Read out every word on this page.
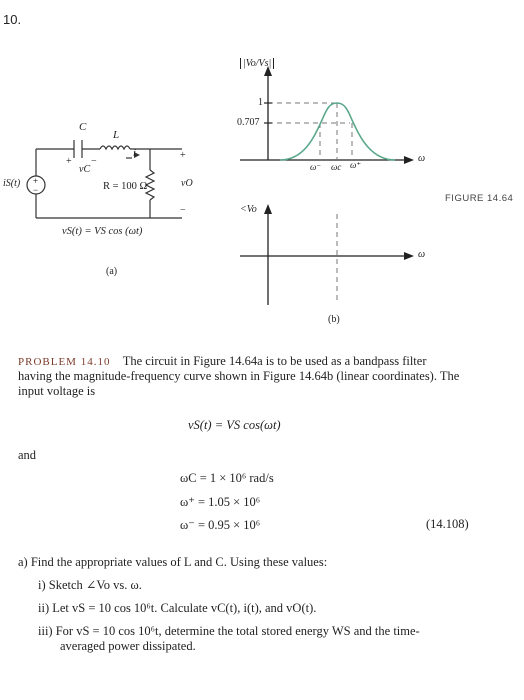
10.
+
−
C
L
i
+ −
vC
iS(t)	R = 100 Ω
+
vO
−
vS(t) = VS cos (ωt)
(a)
|Vo/Vs|
1
0.707
ω⁻ ωc ω⁺
ω
<Vo
ω
(b)
FIGURE 14.64
PROBLEM 14.10 The circuit in Figure 14.64a is to be used as a bandpass filter
having the magnitude-frequency curve shown in Figure 14.64b (linear coordinates). The
input voltage is
vS(t) = VS cos(ωt)
and
ωC = 1 × 10⁶ rad/s
ω⁺ = 1.05 × 10⁶
ω⁻ = 0.95 × 10⁶	(14.108)
a) Find the appropriate values of L and C. Using these values:
i) Sketch ∠Vo vs. ω.
ii) Let vS = 10 cos 10⁶t. Calculate vC(t), i(t), and vO(t).
iii) For vS = 10 cos 10⁶t, determine the total stored energy WS and the time-
averaged power dissipated.
